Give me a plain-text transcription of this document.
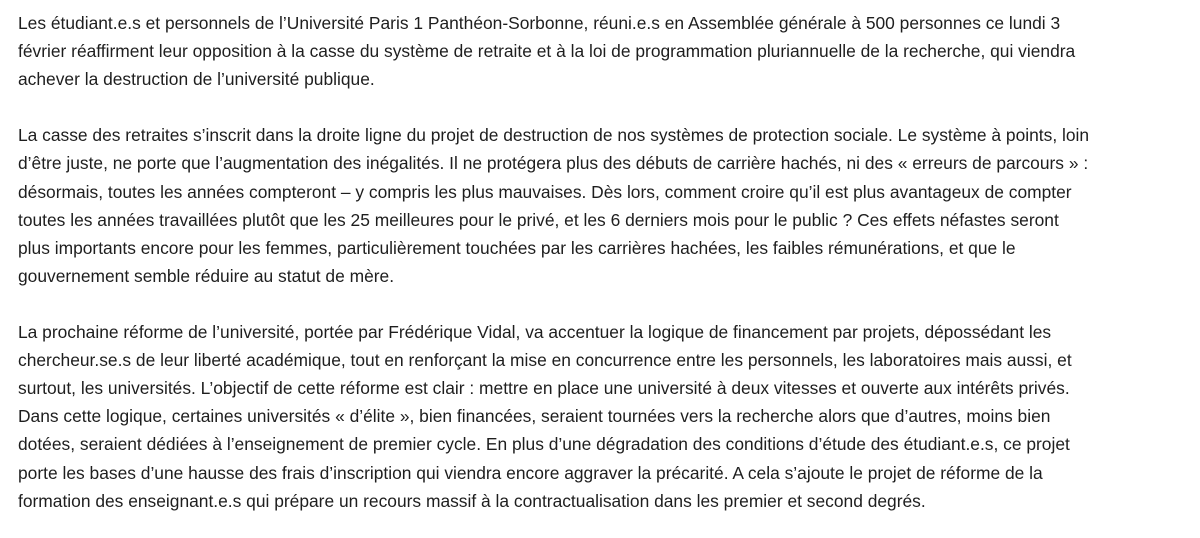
Les étudiant.e.s et personnels de l’Université Paris 1 Panthéon-Sorbonne, réuni.e.s en Assemblée générale à 500 personnes ce lundi 3
février réaffirment leur opposition à la casse du système de retraite et à la loi de programmation pluriannuelle de la recherche, qui viendra
achever la destruction de l’université publique.

La casse des retraites s’inscrit dans la droite ligne du projet de destruction de nos systèmes de protection sociale. Le système à points, loin
d’être juste, ne porte que l’augmentation des inégalités. Il ne protégera plus des débuts de carrière hachés, ni des « erreurs de parcours » :
désormais, toutes les années compteront – y compris les plus mauvaises. Dès lors, comment croire qu’il est plus avantageux de compter
toutes les années travaillées plutôt que les 25 meilleures pour le privé, et les 6 derniers mois pour le public ? Ces effets néfastes seront
plus importants encore pour les femmes, particulièrement touchées par les carrières hachées, les faibles rémunérations, et que le
gouvernement semble réduire au statut de mère.

La prochaine réforme de l’université, portée par Frédérique Vidal, va accentuer la logique de financement par projets, dépossédant les
chercheur.se.s de leur liberté académique, tout en renforçant la mise en concurrence entre les personnels, les laboratoires mais aussi, et
surtout, les universités. L’objectif de cette réforme est clair : mettre en place une université à deux vitesses et ouverte aux intérêts privés.
Dans cette logique, certaines universités « d’élite », bien financées, seraient tournées vers la recherche alors que d’autres, moins bien
dotées, seraient dédiées à l’enseignement de premier cycle. En plus d’une dégradation des conditions d’étude des étudiant.e.s, ce projet
porte les bases d’une hausse des frais d’inscription qui viendra encore aggraver la précarité. A cela s’ajoute le projet de réforme de la
formation des enseignant.e.s qui prépare un recours massif à la contractualisation dans les premier et second degrés.
